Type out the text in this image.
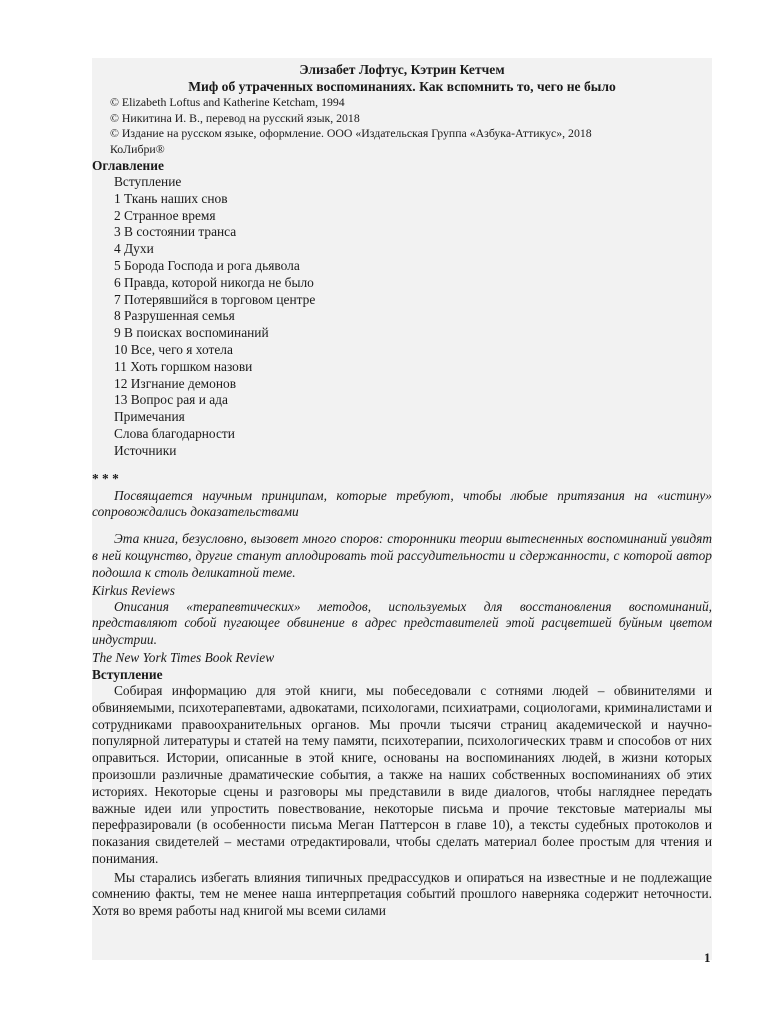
Элизабет Лофтус, Кэтрин Кетчем
Миф об утраченных воспоминаниях. Как вспомнить то, чего не было
© Elizabeth Loftus and Katherine Ketcham, 1994
© Никитина И. В., перевод на русский язык, 2018
© Издание на русском языке, оформление. ООО «Издательская Группа «Азбука-Аттикус», 2018
КоЛибри®
Оглавление
Вступление
1 Ткань наших снов
2 Странное время
3 В состоянии транса
4 Духи
5 Борода Господа и рога дьявола
6 Правда, которой никогда не было
7 Потерявшийся в торговом центре
8 Разрушенная семья
9 В поисках воспоминаний
10 Все, чего я хотела
11 Хоть горшком назови
12 Изгнание демонов
13 Вопрос рая и ада
Примечания
Слова благодарности
Источники
* * *
Посвящается научным принципам, которые требуют, чтобы любые притязания на «истину» сопровождались доказательствами
Эта книга, безусловно, вызовет много споров: сторонники теории вытесненных воспоминаний увидят в ней кощунство, другие станут аплодировать той рассудительности и сдержанности, с которой автор подошла к столь деликатной теме.
Kirkus Reviews
Описания «терапевтических» методов, используемых для восстановления воспоминаний, представляют собой пугающее обвинение в адрес представителей этой расцветшей буйным цветом индустрии.
The New York Times Book Review
Вступление
Собирая информацию для этой книги, мы побеседовали с сотнями людей – обвинителями и обвиняемыми, психотерапевтами, адвокатами, психологами, психиатрами, социологами, криминалистами и сотрудниками правоохранительных органов. Мы прочли тысячи страниц академической и научно-популярной литературы и статей на тему памяти, психотерапии, психологических травм и способов от них оправиться. Истории, описанные в этой книге, основаны на воспоминаниях людей, в жизни которых произошли различные драматические события, а также на наших собственных воспоминаниях об этих историях. Некоторые сцены и разговоры мы представили в виде диалогов, чтобы нагляднее передать важные идеи или упростить повествование, некоторые письма и прочие текстовые материалы мы перефразировали (в особенности письма Меган Паттерсон в главе 10), а тексты судебных протоколов и показания свидетелей – местами отредактировали, чтобы сделать материал более простым для чтения и понимания.
Мы старались избегать влияния типичных предрассудков и опираться на известные и не подлежащие сомнению факты, тем не менее наша интерпретация событий прошлого наверняка содержит неточности. Хотя во время работы над книгой мы всеми силами
1
